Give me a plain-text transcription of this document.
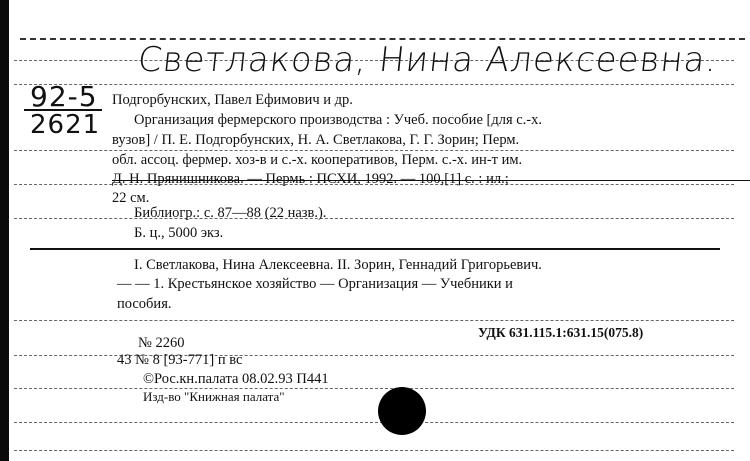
Светлакова, Нина Алексеевна.
92-5
2621
Подгорбунских, Павел Ефимович и др.
Организация фермерского производства : Учеб. пособие [для с.-х.
вузов] / П. Е. Подгорбунских, Н. А. Светлакова, Г. Г. Зорин; Перм.
обл. ассоц. фермер. хоз-в и с.-х. кооперативов, Перм. с.-х. ин-т им.
Д. Н. Прянишникова. — Пермь : ПСХИ, 1992. — 100,[1] с. : ил.;
22 см.
Библиогр.: с. 87—88 (22 назв.).
Б. ц., 5000 экз.
I. Светлакова, Нина Алексеевна. II. Зорин, Геннадий Григорьевич.
— — 1. Крестьянское хозяйство — Организация — Учебники и
пособия.
№ 2260
УДК 631.115.1:631.15(075.8)
43 № 8 [93-771] п вс
©Рос.кн.палата 08.02.93 П441
Изд-во "Книжная палата"
